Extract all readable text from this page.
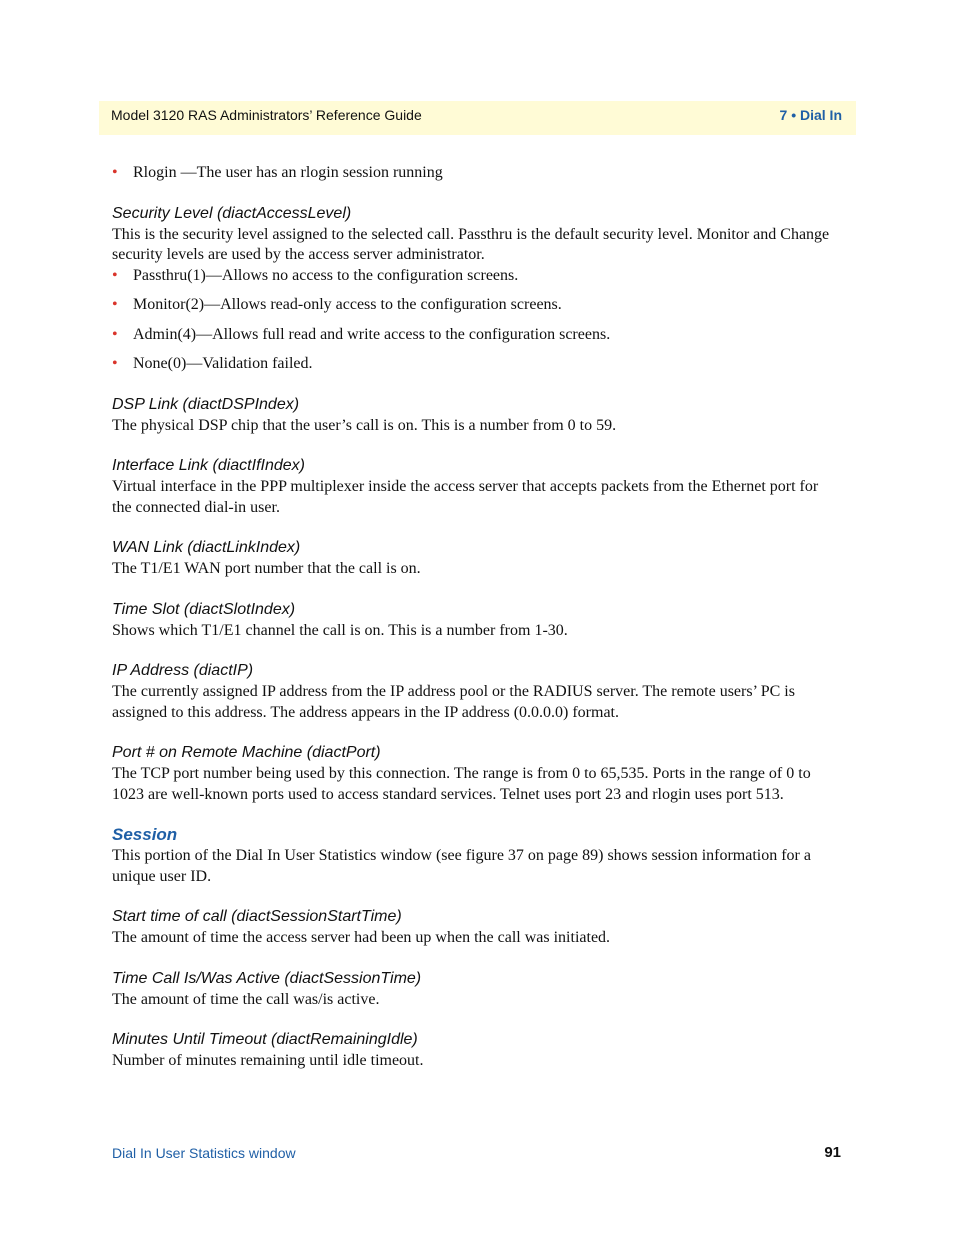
Model 3120 RAS Administrators’ Reference Guide	7 • Dial In
• Rlogin —The user has an rlogin session running
Security Level (diactAccessLevel)

This is the security level assigned to the selected call. Passthru is the default security level. Monitor and Change security levels are used by the access server administrator.

• Passthru(1)—Allows no access to the configuration screens.
• Monitor(2)—Allows read-only access to the configuration screens.
• Admin(4)—Allows full read and write access to the configuration screens.
• None(0)—Validation failed.
DSP Link (diactDSPIndex)

The physical DSP chip that the user’s call is on. This is a number from 0 to 59.

Interface Link (diactIfIndex)

Virtual interface in the PPP multiplexer inside the access server that accepts packets from the Ethernet port for the connected dial-in user.

WAN Link (diactLinkIndex)

The T1/E1 WAN port number that the call is on.

Time Slot (diactSlotIndex)

Shows which T1/E1 channel the call is on. This is a number from 1-30.

IP Address (diactIP)

The currently assigned IP address from the IP address pool or the RADIUS server. The remote users’ PC is assigned to this address. The address appears in the IP address (0.0.0.0) format.

Port # on Remote Machine (diactPort)

The TCP port number being used by this connection. The range is from 0 to 65,535. Ports in the range of 0 to 1023 are well-known ports used to access standard services. Telnet uses port 23 and rlogin uses port 513.

Session

This portion of the Dial In User Statistics window (see figure 37 on page 89) shows session information for a unique user ID.

Start time of call (diactSessionStartTime)

The amount of time the access server had been up when the call was initiated.

Time Call Is/Was Active (diactSessionTime)

The amount of time the call was/is active.

Minutes Until Timeout (diactRemainingIdle)

Number of minutes remaining until idle timeout.

Dial In User Statistics window	91
